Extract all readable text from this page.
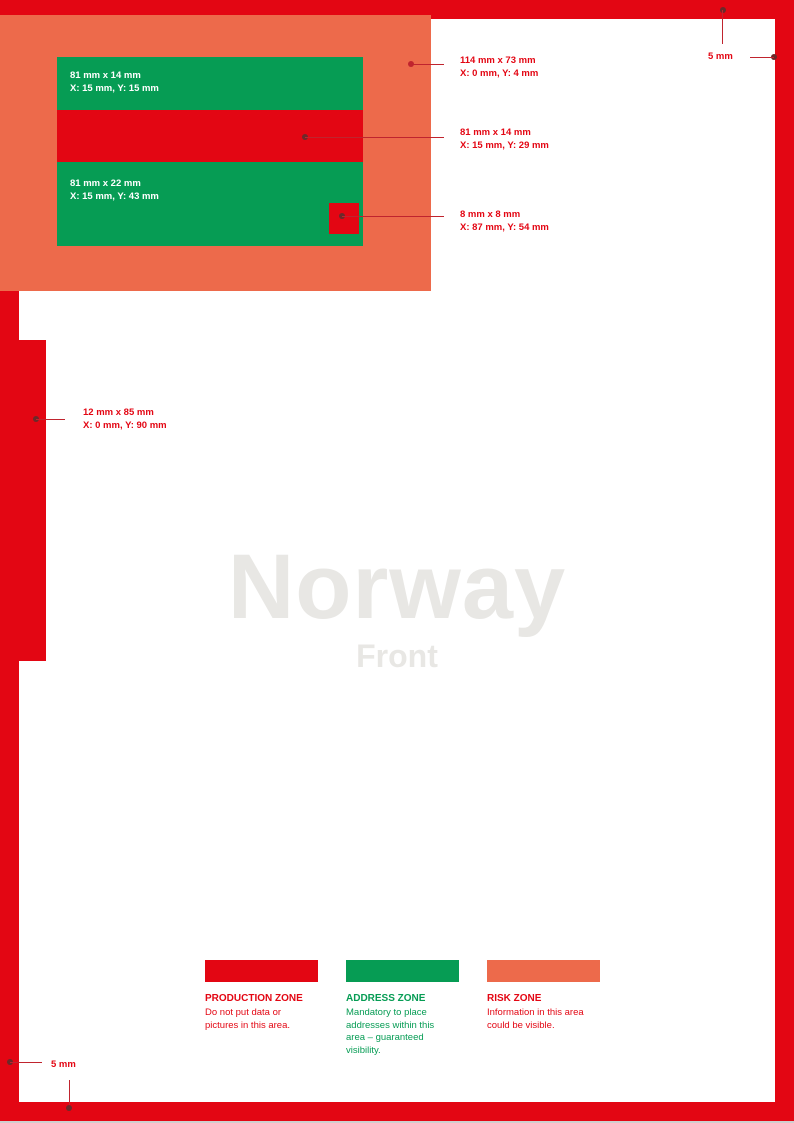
81 mm x 14 mm
X: 15 mm, Y: 15 mm
81 mm x 22 mm
X: 15 mm, Y: 43 mm
114 mm x 73 mm
X: 0 mm, Y: 4 mm
81 mm x 14 mm
X: 15 mm, Y: 29 mm
8 mm x 8 mm
X: 87 mm, Y: 54 mm
12 mm x 85 mm
X: 0 mm, Y: 90 mm
5 mm
5 mm
Norway
Front
PRODUCTION ZONE
Do not put data or
pictures in this area.
ADDRESS ZONE
Mandatory to place
addresses within this
area – guaranteed
visibility.
RISK ZONE
Information in this area
could be visible.
